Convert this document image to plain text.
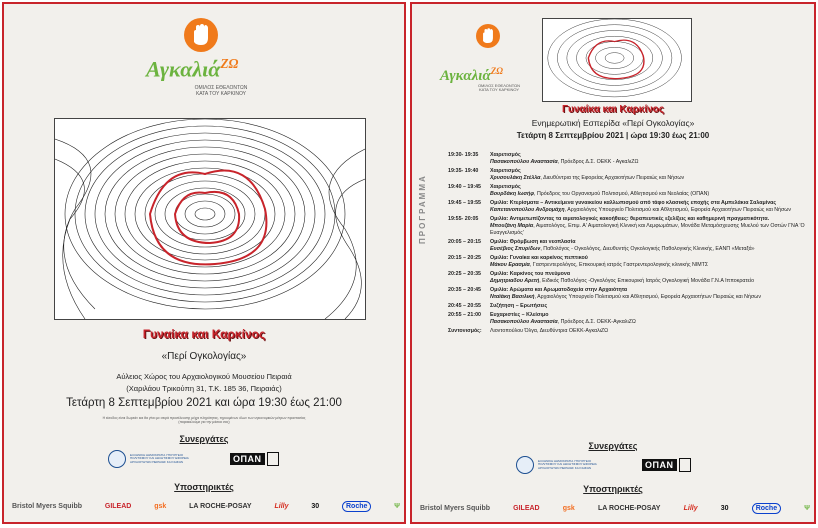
Αγκαλιά$^{Z\Omega}$
ΟΜΙΛΟΣ ΕΘΕΛΟΝΤΩΝ
ΚΑΤΑ ΤΟΥ ΚΑΡΚΙΝΟΥ
Γυναίκα και Καρκίνος
«Περί Ογκολογίας»
Αύλειος Χώρος του Αρχαιολογικού Μουσείου Πειραιά
(Χαριλάου Τρικούπη 31, Τ.Κ. 185 36, Πειραιάς)
Τετάρτη 8 Σεπτεμβρίου 2021 και ώρα 19:30 έως 21:00
Η είσοδος είναι δωρεάν και θα γίνει με σειρά προσέλευσης μέχρι πληρότητας, τηρουμένων όλων των υγειονομικών μέτρων προστασίας
(παρακαλούμε για την μάσκα σας)
Συνεργάτες
ΕΛΛΗΝΙΚΗ ΔΗΜΟΚΡΑΤΙΑ ΥΠΟΥΡΓΕΙΟ ΠΟΛΙΤΙΣΜΟΥ ΚΑΙ ΑΘΛΗΤΙΣΜΟΥ ΕΦΟΡΕΙΑ ΑΡΧΑΙΟΤΗΤΩΝ ΠΕΙΡΑΙΩΣ ΚΑΙ ΝΗΣΩΝ	ΟΠΑΝ
Υποστηρικτές
Bristol Myers Squibb	GILEAD	gsk	LA ROCHE-POSAY	Lilly	30	Roche	Ψ
Αγκαλιά$^{Z\Omega}$
ΟΜΙΛΟΣ ΕΘΕΛΟΝΤΩΝ
ΚΑΤΑ ΤΟΥ ΚΑΡΚΙΝΟΥ
Γυναίκα και Καρκίνος
Ενημερωτική Εσπερίδα «Περί Ογκολογίας»
Τετάρτη 8 Σεπτεμβρίου 2021 | ώρα 19:30 έως 21:00
ΠΡΟΓΡΑΜΜΑ
19:30- 19:35	Χαιρετισμός
Πασακοπούλου Αναστασία, Πρόεδρος Δ.Σ. ΟΕΚΚ - ΑγκαλιΖΩ
19:35- 19:40	Χαιρετισμός
Χρυσουλάκη Στέλλα, Διευθύντρια της Εφορείας Αρχαιοτήτων Πειραιώς και Νήσων
19:40 – 19:45	Χαιρετισμός
Βουρδάκη Ιωσήφ, Πρόεδρος του Οργανισμού Πολιτισμού, Αθλητισμού και Νεολαίας (ΟΠΑΝ)
19:45 – 19:55	Ομιλία: Κτερίσματα – Αντικείμενα γυναικείου καλλωπισμού από τάφο κλασικής εποχής στα Αμπελάκια Σαλαμίνας
Καπετανοπούλου Ανδρομάχη, Αρχαιολόγος Υπουργείο Πολιτισμού και Αθλητισμού, Εφορεία Αρχαιοτήτων Πειραιώς και Νήσων
19:55- 20:05	Ομιλία: Αντιμετωπίζοντας τα αιματολογικές κακοήθειες: θεραπευτικές εξελίξεις και καθημερινή πραγματικότητα.
Μπουζάνη Μαρία, Αιματολόγος, Επιμ. Α' Αιματολογική Κλινική και Λεμφωμάτων, Μονάδα Μεταμόσχευσης Μυελού των Οστών ΓΝΑ 'Ο Ευαγγελισμός'
20:05 – 20:15	Ομιλία: Θρόμβωση και νεοπλασία
Ευσέβιος Σπυρίδων, Παθολόγος - Ογκολόγος, Διευθυντής Ογκολογικής Παθολογικής Κλινικής, ΕΑΝΠ «Μεταξά»
20:15 – 20:25	Ομιλία: Γυναίκα και καρκίνος πεπτικού
Μάκου Ερασμία, Γαστρεντερολόγος, Επικουρική ιατρός Γαστρεντερολογικής κλινικής ΝΙΜΤΣ
20:25 – 20:35	Ομιλία: Καρκίνος του πνεύμονα
Δημητριαδου Αρετή, Ειδικός Παθολόγος -Ογκολόγος Επικουρική Ιατρός Ογκολογική Μονάδα Γ.Ν.Α Ιπποκρατείο
20:35 – 20:45	Ομιλία: Αρώματα και Αρωματοδοχεία στην Αρχαιότητα
Νταϊάκη Βασιλική, Αρχαιολόγος Υπουργείο Πολιτισμού και Αθλητισμού, Εφορεία Αρχαιοτήτων Πειραιώς και Νήσων
20:45 – 20:55	Συζήτηση – Ερωτήσεις
20:55 – 21:00	Ευχαριστίες – Κλείσιμο
Πασακοπούλου Αναστασία, Πρόεδρος Δ.Σ. ΟΕΚΚ-ΑγκαλιΖΩ
Συντονισμός:	Λιοντοπούλου Όλγα, Διευθύντρια ΟΕΚΚ-ΑγκαλιΖΩ
Συνεργάτες
ΕΛΛΗΝΙΚΗ ΔΗΜΟΚΡΑΤΙΑ ΥΠΟΥΡΓΕΙΟ ΠΟΛΙΤΙΣΜΟΥ ΚΑΙ ΑΘΛΗΤΙΣΜΟΥ ΕΦΟΡΕΙΑ ΑΡΧΑΙΟΤΗΤΩΝ ΠΕΙΡΑΙΩΣ ΚΑΙ ΝΗΣΩΝ	ΟΠΑΝ
Υποστηρικτές
Bristol Myers Squibb	GILEAD	gsk	LA ROCHE-POSAY	Lilly	30	Roche	Ψ
